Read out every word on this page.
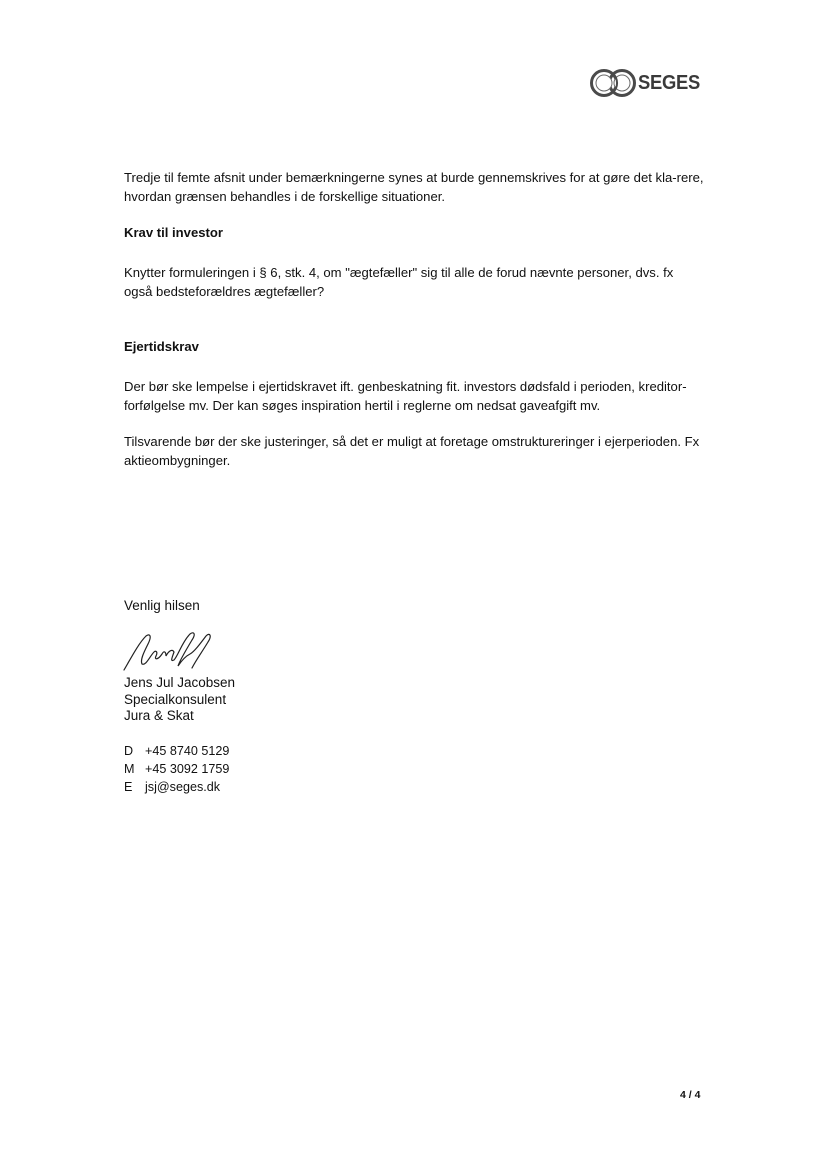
SEGES

Tredje til femte afsnit under bemærkningerne synes at burde gennemskrives for at gøre det kla-rere, hvordan grænsen behandles i de forskellige situationer.

Krav til investor

Knytter formuleringen i § 6, stk. 4, om "ægtefæller" sig til alle de forud nævnte personer, dvs. fx også bedsteforældres ægtefæller?

Ejertidskrav

Der bør ske lempelse i ejertidskravet ift. genbeskatning fit. investors dødsfald i perioden, kreditor-forfølgelse mv. Der kan søges inspiration hertil i reglerne om nedsat gaveafgift mv.

Tilsvarende bør der ske justeringer, så det er muligt at foretage omstruktureringer i ejerperioden. Fx aktieombygninger.

Venlig hilsen
Jens Jul Jacobsen
Specialkonsulent
Jura & Skat
D +45 8740 5129
M +45 3092 1759
E jsj@seges.dk
4 / 4
